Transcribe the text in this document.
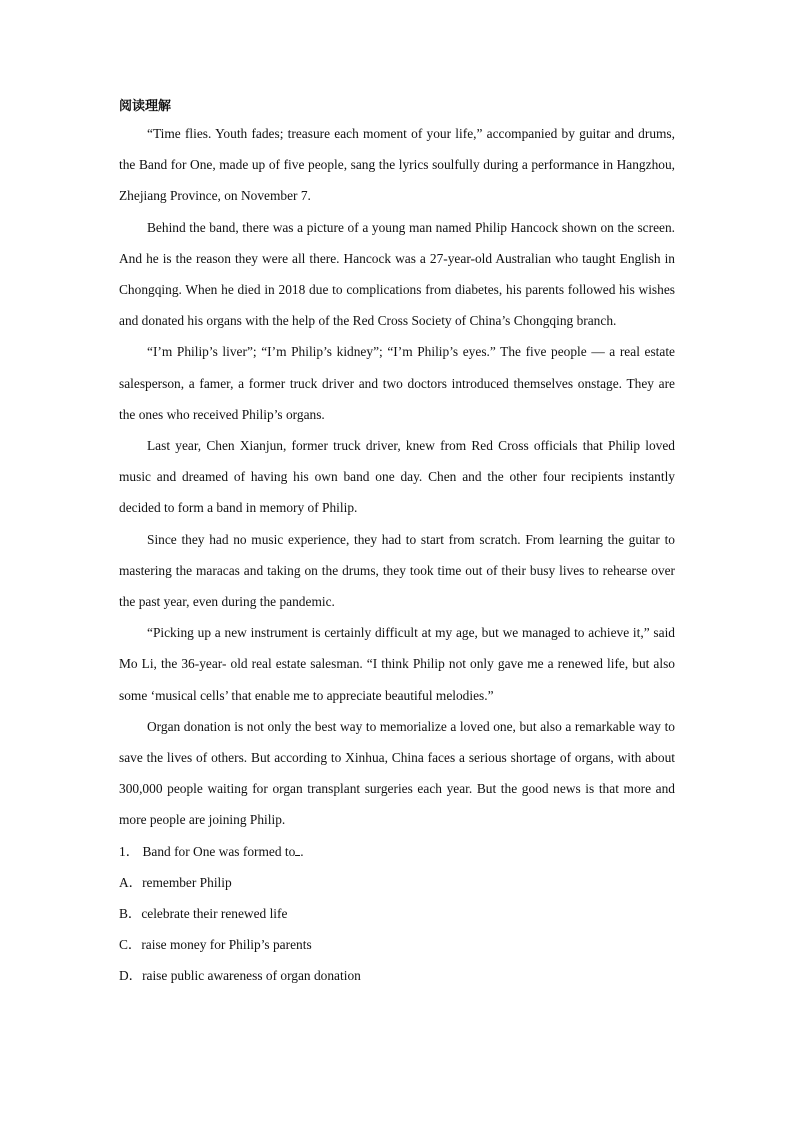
阅读理解

“Time flies. Youth fades; treasure each moment of your life,” accompanied by guitar and drums, the Band for One, made up of five people, sang the lyrics soulfully during a performance in Hangzhou, Zhejiang Province, on November 7.

Behind the band, there was a picture of a young man named Philip Hancock shown on the screen. And he is the reason they were all there. Hancock was a 27-year-old Australian who taught English in Chongqing. When he died in 2018 due to complications from diabetes, his parents followed his wishes and donated his organs with the help of the Red Cross Society of China’s Chongqing branch.

“I’m Philip’s liver”; “I’m Philip’s kidney”; “I’m Philip’s eyes.” The five people — a real estate salesperson, a famer, a former truck driver and two doctors introduced themselves onstage. They are the ones who received Philip’s organs.

Last year, Chen Xianjun, former truck driver, knew from Red Cross officials that Philip loved music and dreamed of having his own band one day. Chen and the other four recipients instantly decided to form a band in memory of Philip.

Since they had no music experience, they had to start from scratch. From learning the guitar to mastering the maracas and taking on the drums, they took time out of their busy lives to rehearse over the past year, even during the pandemic.

“Picking up a new instrument is certainly difficult at my age, but we managed to achieve it,” said Mo Li, the 36-year- old real estate salesman. “I think Philip not only gave me a renewed life, but also some ‘musical cells’ that enable me to appreciate beautiful melodies.”

Organ donation is not only the best way to memorialize a loved one, but also a remarkable way to save the lives of others. But according to Xinhua, China faces a serious shortage of organs, with about 300,000 people waiting for organ transplant surgeries each year. But the good news is that more and more people are joining Philip.

1． Band for One was formed to .

A．remember Philip

B．celebrate their renewed life

C．raise money for Philip’s parents

D．raise public awareness of organ donation
